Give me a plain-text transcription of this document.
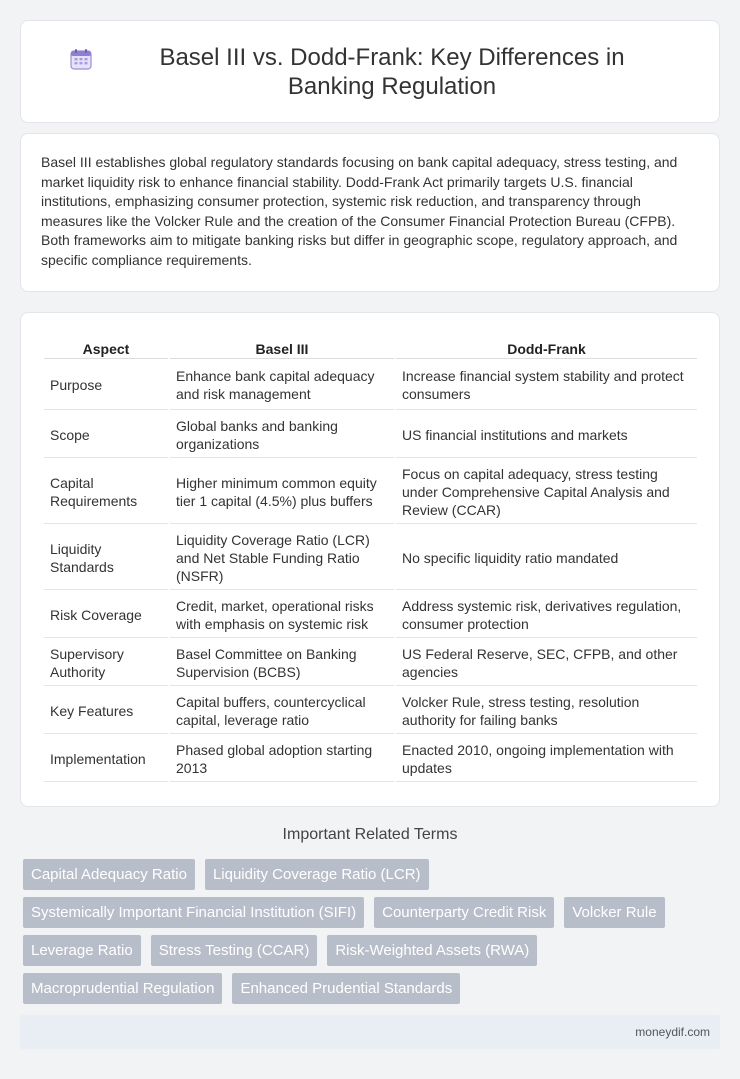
Basel III vs. Dodd-Frank: Key Differences in Banking Regulation

Basel III establishes global regulatory standards focusing on bank capital adequacy, stress testing, and market liquidity risk to enhance financial stability. Dodd-Frank Act primarily targets U.S. financial institutions, emphasizing consumer protection, systemic risk reduction, and transparency through measures like the Volcker Rule and the creation of the Consumer Financial Protection Bureau (CFPB). Both frameworks aim to mitigate banking risks but differ in geographic scope, regulatory approach, and specific compliance requirements.

Aspect	Basel III	Dodd-Frank
Purpose	Enhance bank capital adequacy and risk management	Increase financial system stability and protect consumers
Scope	Global banks and banking organizations	US financial institutions and markets
Capital Requirements	Higher minimum common equity tier 1 capital (4.5%) plus buffers	Focus on capital adequacy, stress testing under Comprehensive Capital Analysis and Review (CCAR)
Liquidity Standards	Liquidity Coverage Ratio (LCR) and Net Stable Funding Ratio (NSFR)	No specific liquidity ratio mandated
Risk Coverage	Credit, market, operational risks with emphasis on systemic risk	Address systemic risk, derivatives regulation, consumer protection
Supervisory Authority	Basel Committee on Banking Supervision (BCBS)	US Federal Reserve, SEC, CFPB, and other agencies
Key Features	Capital buffers, countercyclical capital, leverage ratio	Volcker Rule, stress testing, resolution authority for failing banks
Implementation	Phased global adoption starting 2013	Enacted 2010, ongoing implementation with updates
Important Related Terms
Capital Adequacy Ratio	Liquidity Coverage Ratio (LCR)
Systemically Important Financial Institution (SIFI)	Counterparty Credit Risk	Volcker Rule
Leverage Ratio	Stress Testing (CCAR)	Risk-Weighted Assets (RWA)
Macroprudential Regulation	Enhanced Prudential Standards
moneydif.com
